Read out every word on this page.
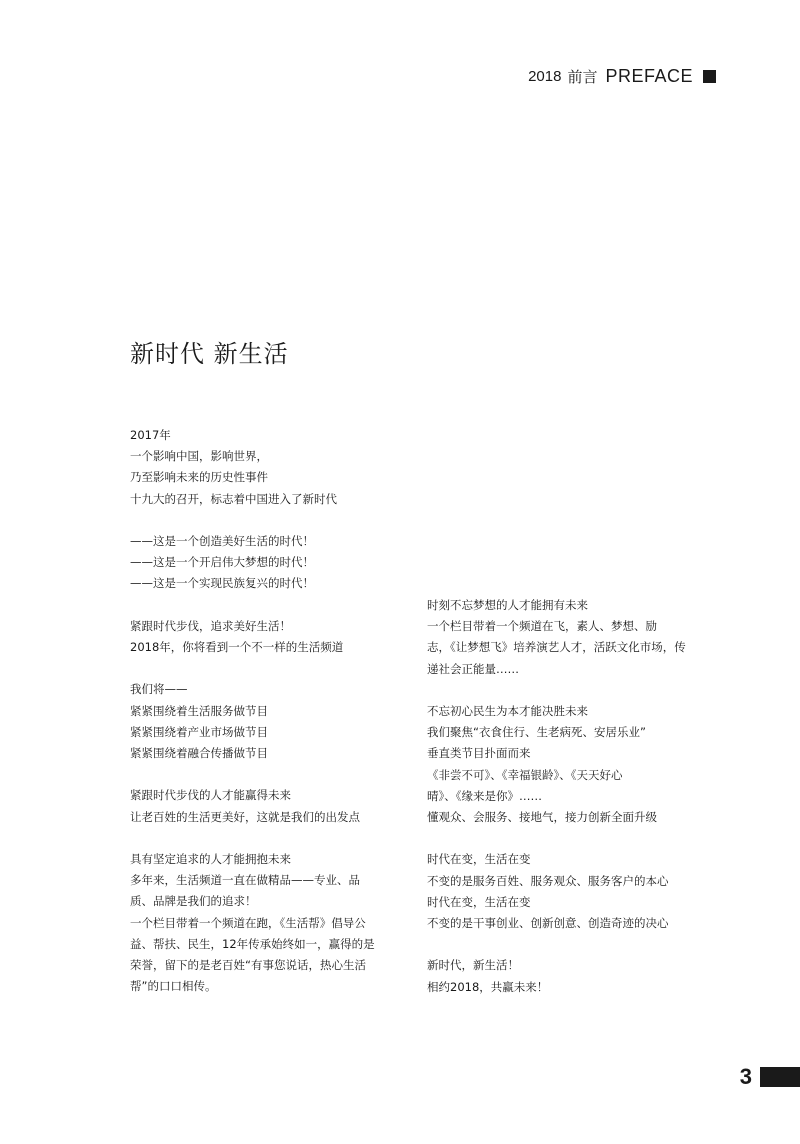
2018 前言 PREFACE
新时代 新生活
2017年
一个影响中国，影响世界，
乃至影响未来的历史性事件
十九大的召开，标志着中国进入了新时代
——这是一个创造美好生活的时代！
——这是一个开启伟大梦想的时代！
——这是一个实现民族复兴的时代！
紧跟时代步伐，追求美好生活！
2018年，你将看到一个不一样的生活频道
我们将——
紧紧围绕着生活服务做节目
紧紧围绕着产业市场做节目
紧紧围绕着融合传播做节目
紧跟时代步伐的人才能赢得未来
让老百姓的生活更美好，这就是我们的出发点
具有坚定追求的人才能拥抱未来
多年来，生活频道一直在做精品——专业、品
质、品牌是我们的追求！
一个栏目带着一个频道在跑，《生活帮》倡导公
益、帮扶、民生，12年传承始终如一，赢得的是
荣誉，留下的是老百姓“有事您说话，热心生活
帮”的口口相传。
时刻不忘梦想的人才能拥有未来
一个栏目带着一个频道在飞，素人、梦想、励
志，《让梦想飞》培养演艺人才，活跃文化市场，传
递社会正能量……
不忘初心民生为本才能决胜未来
我们聚焦“衣食住行、生老病死、安居乐业”
垂直类节目扑面而来
《非尝不可》、《幸福银龄》、《天天好心
晴》、《缘来是你》……
懂观众、会服务、接地气，接力创新全面升级
时代在变，生活在变
不变的是服务百姓、服务观众、服务客户的本心
时代在变，生活在变
不变的是干事创业、创新创意、创造奇迹的决心
新时代，新生活！
相约2018，共赢未来！
3
